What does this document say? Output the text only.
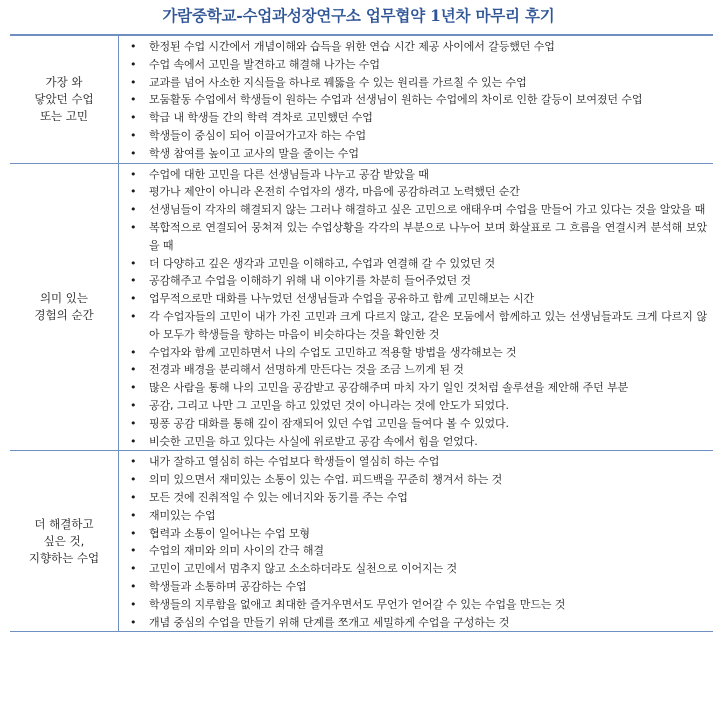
가람중학교-수업과성장연구소 업무협약 1년차 마무리 후기
가장 와
닿았던 수업
또는 고민
• 한정된 수업 시간에서 개념이해와 습득을 위한 연습 시간 제공 사이에서 갈등했던 수업
• 수업 속에서 고민을 발견하고 해결해 나가는 수업
• 교과를 넘어 사소한 지식들을 하나로 꿰뚫을 수 있는 원리를 가르칠 수 있는 수업
• 모둠활동 수업에서 학생들이 원하는 수업과 선생님이 원하는 수업에의 차이로 인한 갈등이 보여졌던 수업
• 학급 내 학생들 간의 학력 격차로 고민했던 수업
• 학생들이 중심이 되어 이끌어가고자 하는 수업
• 학생 참여를 높이고 교사의 말을 줄이는 수업
의미 있는
경험의 순간
• 수업에 대한 고민을 다른 선생님들과 나누고 공감 받았을 때
• 평가나 제안이 아니라 온전히 수업자의 생각, 마음에 공감하려고 노력했던 순간
• 선생님들이 각자의 해결되지 않는 그러나 해결하고 싶은 고민으로 애태우며 수업을 만들어 가고 있다는 것을 알았을 때
• 복합적으로 연결되어 뭉쳐져 있는 수업상황을 각각의 부분으로 나누어 보며 화살표로 그 흐름을 연결시켜 분석해 보았을 때
• 더 다양하고 깊은 생각과 고민을 이해하고, 수업과 연결해 갈 수 있었던 것
• 공감해주고 수업을 이해하기 위해 내 이야기를 차분히 들어주었던 것
• 업무적으로만 대화를 나누었던 선생님들과 수업을 공유하고 함께 고민해보는 시간
• 각 수업자들의 고민이 내가 가진 고민과 크게 다르지 않고, 같은 모둠에서 함께하고 있는 선생님들과도 크게 다르지 않아 모두가 학생들을 향하는 마음이 비슷하다는 것을 확인한 것
• 수업자와 함께 고민하면서 나의 수업도 고민하고 적용할 방법을 생각해보는 것
• 전경과 배경을 분리해서 선명하게 만든다는 것을 조금 느끼게 된 것
• 많은 사람을 통해 나의 고민을 공감받고 공감해주며 마치 자기 일인 것처럼 솔루션을 제안해 주던 부분
• 공감, 그리고 나만 그 고민을 하고 있었던 것이 아니라는 것에 안도가 되었다.
• 핑퐁 공감 대화를 통해 깊이 잠재되어 있던 수업 고민을 들여다 볼 수 있었다.
• 비슷한 고민을 하고 있다는 사실에 위로받고 공감 속에서 힘을 얻었다.
더 해결하고
싶은 것,
지향하는 수업
• 내가 잘하고 열심히 하는 수업보다 학생들이 열심히 하는 수업
• 의미 있으면서 재미있는 소통이 있는 수업. 피드백을 꾸준히 챙겨서 하는 것
• 모든 것에 진취적일 수 있는 에너지와 동기를 주는 수업
• 재미있는 수업
• 협력과 소통이 일어나는 수업 모형
• 수업의 재미와 의미 사이의 간극 해결
• 고민이 고민에서 멈추지 않고 소소하더라도 실천으로 이어지는 것
• 학생들과 소통하며 공감하는 수업
• 학생들의 지루함을 없애고 최대한 즐거우면서도 무언가 얻어갈 수 있는 수업을 만드는 것
• 개념 중심의 수업을 만들기 위해 단계를 쪼개고 세밀하게 수업을 구성하는 것
